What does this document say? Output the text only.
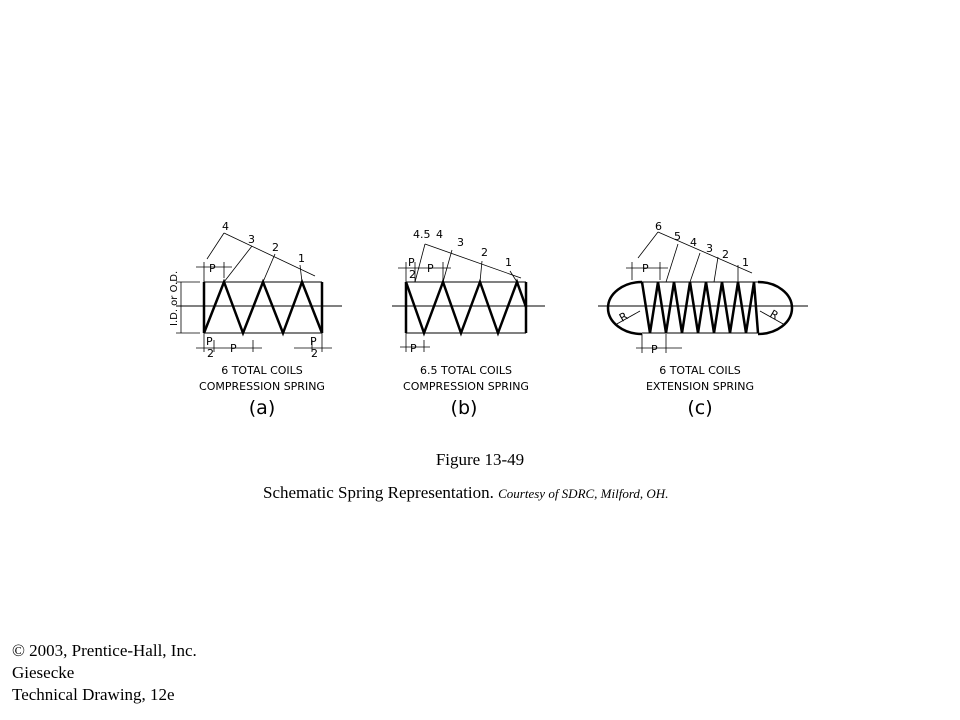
4
3
2
1
P
P
2 P
P
2
I.D. or O.D.
6 TOTAL COILS
COMPRESSION SPRING
(a)
4.5 4
3
2
1
P
2 P
P
6.5 TOTAL COILS
COMPRESSION SPRING
(b)
6
5 4 3 2
1
P
P
R	R
6 TOTAL COILS
EXTENSION SPRING
(c)
Figure 13-49
Schematic Spring Representation. Courtesy of SDRC, Milford, OH.
© 2003, Prentice-Hall, Inc.
Giesecke
Technical Drawing, 12e
